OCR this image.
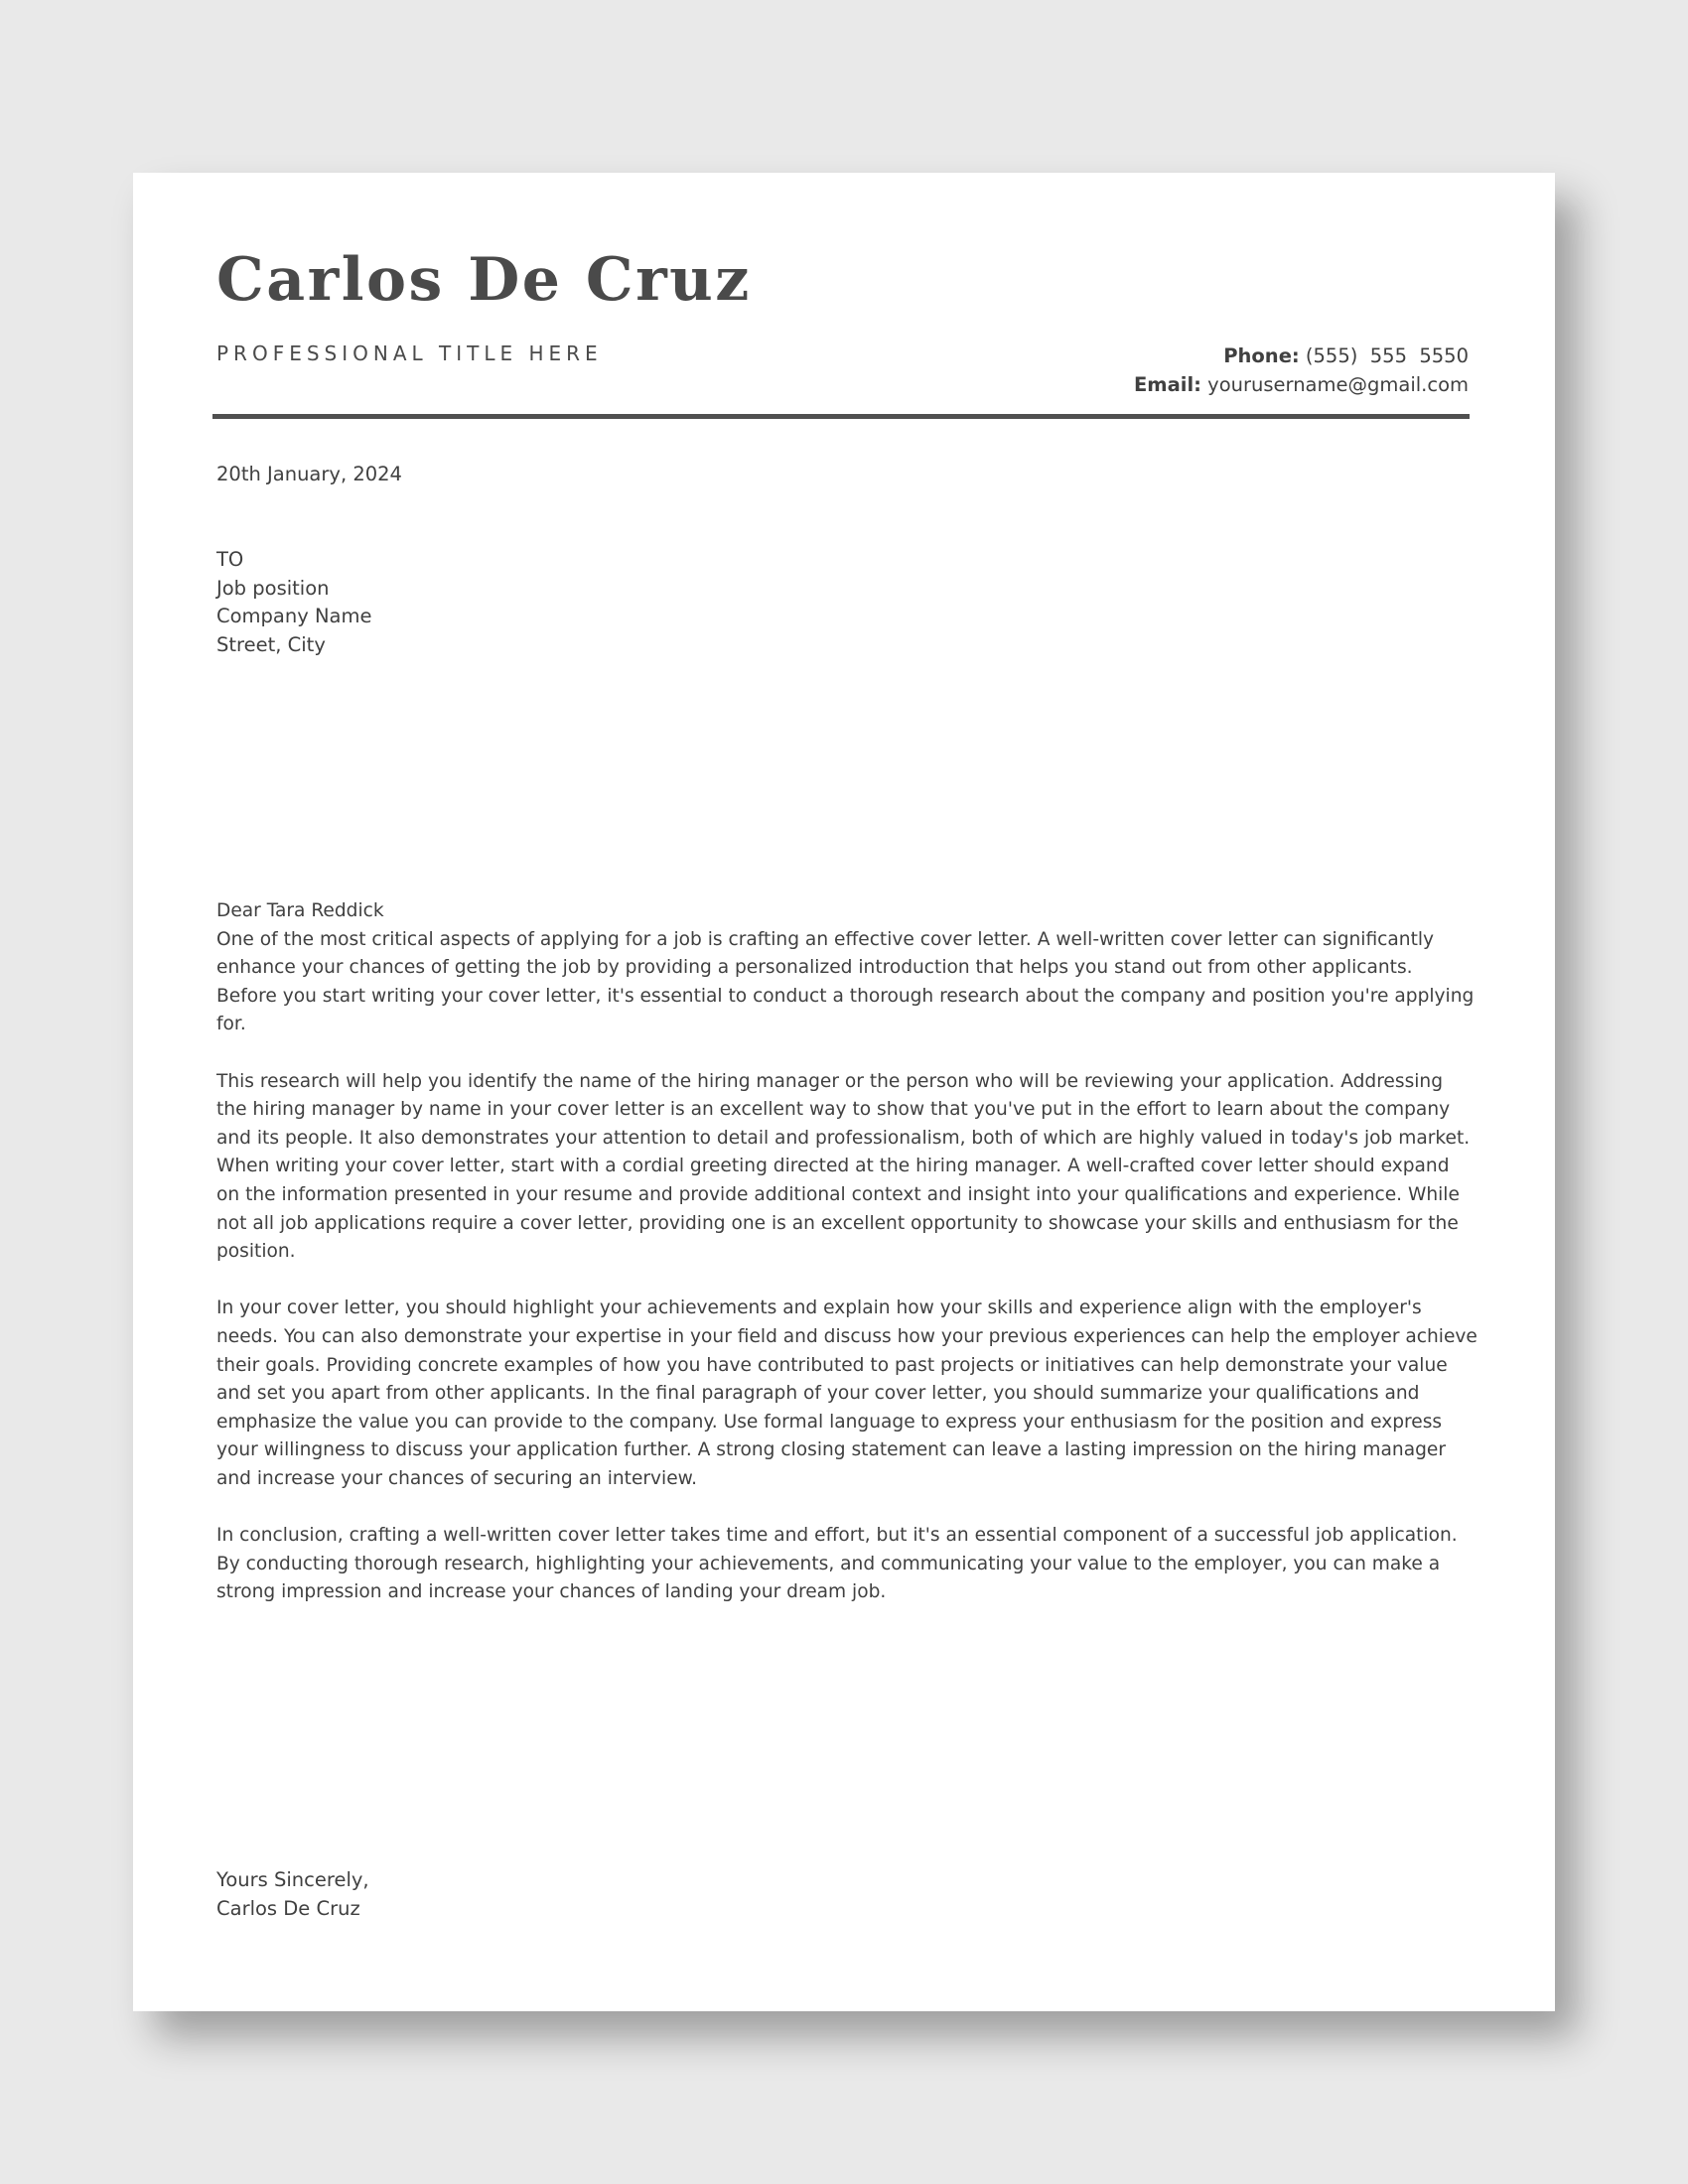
Carlos De Cruz
PROFESSIONAL TITLE HERE	Phone: (555)  555  5550
Email: yourusername@gmail.com
20th January, 2024
TO
Job position
Company Name
Street, City
Dear Tara Reddick

One of the most critical aspects of applying for a job is crafting an effective cover letter. A well-written cover letter can significantly enhance your chances of getting the job by providing a personalized introduction that helps you stand out from other applicants. Before you start writing your cover letter, it's essential to conduct a thorough research about the company and position you're applying for.

This research will help you identify the name of the hiring manager or the person who will be reviewing your application. Addressing the hiring manager by name in your cover letter is an excellent way to show that you've put in the effort to learn about the company and its people. It also demonstrates your attention to detail and professionalism, both of which are highly valued in today's job market. When writing your cover letter, start with a cordial greeting directed at the hiring manager. A well-crafted cover letter should expand on the information presented in your resume and provide additional context and insight into your qualifications and experience. While not all job applications require a cover letter, providing one is an excellent opportunity to showcase your skills and enthusiasm for the position.

In your cover letter, you should highlight your achievements and explain how your skills and experience align with the employer's needs. You can also demonstrate your expertise in your field and discuss how your previous experiences can help the employer achieve their goals. Providing concrete examples of how you have contributed to past projects or initiatives can help demonstrate your value and set you apart from other applicants. In the final paragraph of your cover letter, you should summarize your qualifications and emphasize the value you can provide to the company. Use formal language to express your enthusiasm for the position and express your willingness to discuss your application further. A strong closing statement can leave a lasting impression on the hiring manager and increase your chances of securing an interview.

In conclusion, crafting a well-written cover letter takes time and effort, but it's an essential component of a successful job application. By conducting thorough research, highlighting your achievements, and communicating your value to the employer, you can make a strong impression and increase your chances of landing your dream job.

Yours Sincerely,
Carlos De Cruz
